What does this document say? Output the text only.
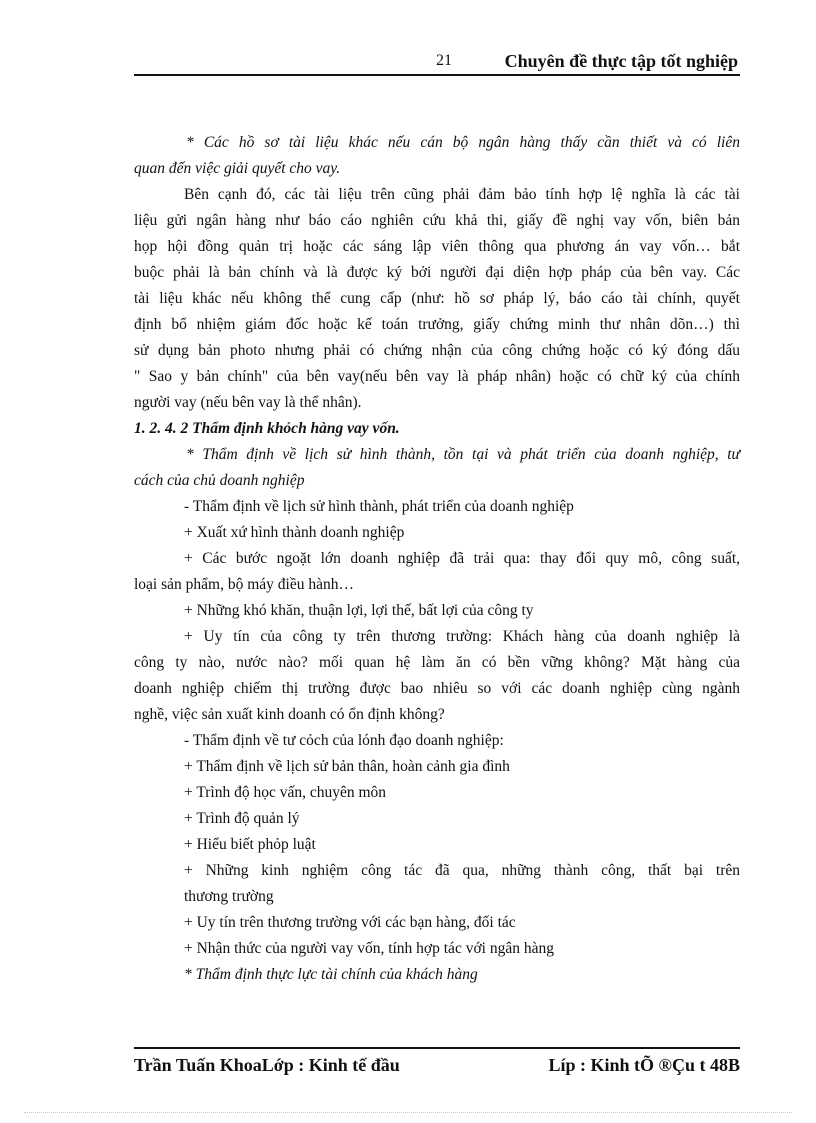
21	Chuyên đề thực tập tốt nghiệp
* Các hồ sơ tài liệu khác nếu cán bộ ngân hàng thấy cần thiết và có liên
quan đến việc giải quyết cho vay.
Bên cạnh đó, các tài liệu trên cũng phải đảm bảo tính hợp lệ nghĩa là các tài
liệu gửi ngân hàng như báo cáo nghiên cứu khả thi, giấy đề nghị vay vốn, biên bản
họp hội đồng quản trị hoặc các sáng lập viên thông qua phương án vay vốn… bắt
buộc phải là bản chính và là được ký bởi người đại diện hợp pháp của bên vay. Các
tài liệu khác nếu không thể cung cấp (như: hồ sơ pháp lý, báo cáo tài chính, quyết
định bổ nhiệm giám đốc hoặc kế toán trưởng, giấy chứng minh thư nhân dõn…) thì
sử dụng bản photo nhưng phải có chứng nhận của công chứng hoặc có ký đóng dấu
" Sao y bản chính" của bên vay(nếu bên vay là pháp nhân) hoặc có chữ ký của chính
người vay (nếu bên vay là thể nhân).
1. 2. 4. 2 Thẩm định khỏch hàng vay vốn.
* Thẩm định về lịch sử hình thành, tồn tại và phát triển của doanh nghiệp, tư
cách của chủ doanh nghiệp
- Thẩm định về lịch sử hình thành, phát triển của doanh nghiệp
+ Xuất xứ hình thành doanh nghiệp
+ Các bước ngoặt lớn doanh nghiệp đã trải qua: thay đổi quy mô, công suất,
loại sản phẩm, bộ máy điều hành…
+ Những khó khăn, thuận lợi, lợi thế, bất lợi của công ty
+ Uy tín của công ty trên thương trường: Khách hàng của doanh nghiệp là
công ty nào, nước nào? mối quan hệ làm ăn có bền vững không? Mặt hàng của
doanh nghiệp chiếm thị trường được bao nhiêu so với các doanh nghiệp cùng ngành
nghề, việc sản xuất kinh doanh có ổn định không?
- Thẩm định về tư cỏch của lónh đạo doanh nghiệp:
+ Thẩm định về lịch sử bản thân, hoàn cảnh gia đình
+ Trình độ học vấn, chuyên môn
+ Trình độ quản lý
+ Hiểu biết phỏp luật
+ Những kinh nghiệm công tác đã qua, những thành công, thất bại trên
thương trường
+ Uy tín trên thương trường với các bạn hàng, đối tác
+ Nhận thức của người vay vốn, tính hợp tác với ngân hàng
* Thẩm định thực lực tài chính của khách hàng
Trần Tuấn KhoaLớp : Kinh tế đầu	Líp : Kinh tÕ ®Çu t 48B
